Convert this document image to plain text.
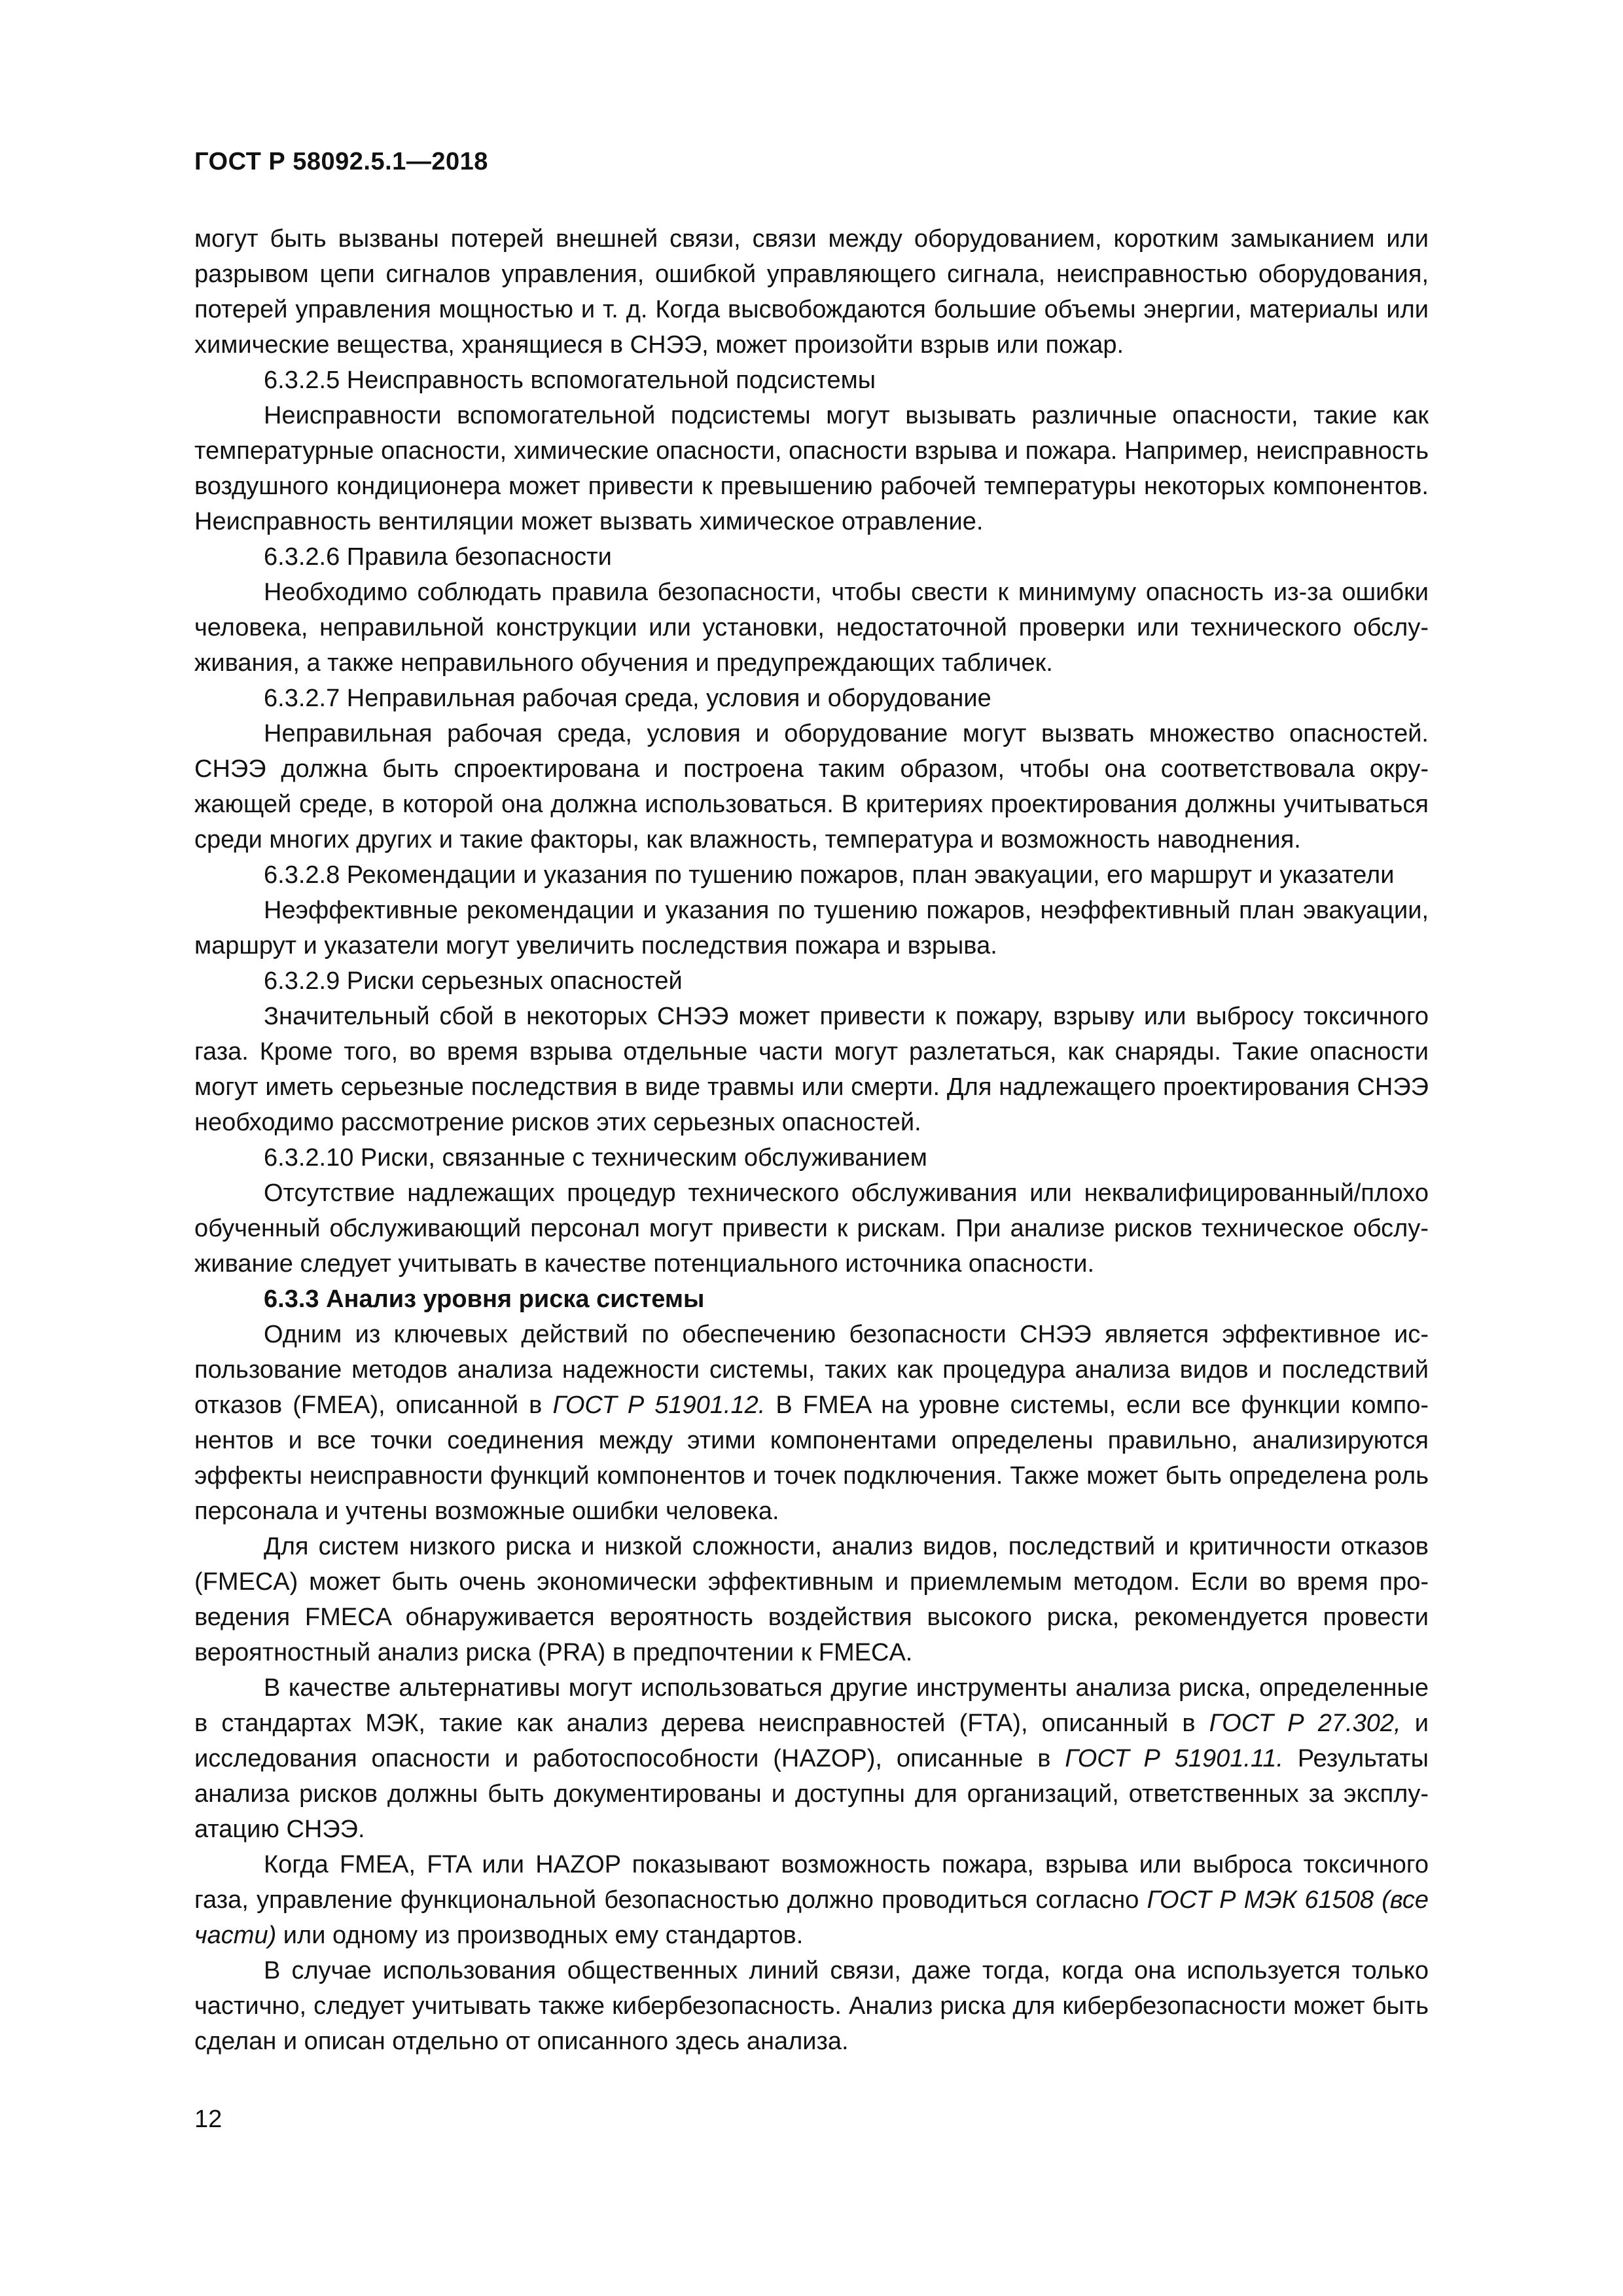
ГОСТ Р 58092.5.1—2018

могут быть вызваны потерей внешней связи, связи между оборудованием, коротким замыканием или разрывом цепи сигналов управления, ошибкой управляющего сигнала, неисправностью оборудования, потерей управления мощностью и т. д. Когда высвобождаются большие объемы энергии, материалы или химические вещества, хранящиеся в СНЭЭ, может произойти взрыв или пожар.

6.3.2.5 Неисправность вспомогательной подсистемы

Неисправности вспомогательной подсистемы могут вызывать различные опасности, такие как температурные опасности, химические опасности, опасности взрыва и пожара. Например, неисправность воздушного кондиционера может привести к превышению рабочей температуры некоторых компонентов. Неисправность вентиляции может вызвать химическое отравление.

6.3.2.6 Правила безопасности

Необходимо соблюдать правила безопасности, чтобы свести к минимуму опасность из-за ошибки человека, неправильной конструкции или установки, недостаточной проверки или технического обслуживания, а также неправильного обучения и предупреждающих табличек.

6.3.2.7 Неправильная рабочая среда, условия и оборудование

Неправильная рабочая среда, условия и оборудование могут вызвать множество опасностей. СНЭЭ должна быть спроектирована и построена таким образом, чтобы она соответствовала окружающей среде, в которой она должна использоваться. В критериях проектирования должны учитываться среди многих других и такие факторы, как влажность, температура и возможность наводнения.

6.3.2.8 Рекомендации и указания по тушению пожаров, план эвакуации, его маршрут и указатели

Неэффективные рекомендации и указания по тушению пожаров, неэффективный план эвакуации, маршрут и указатели могут увеличить последствия пожара и взрыва.

6.3.2.9 Риски серьезных опасностей

Значительный сбой в некоторых СНЭЭ может привести к пожару, взрыву или выбросу токсичного газа. Кроме того, во время взрыва отдельные части могут разлетаться, как снаряды. Такие опасности могут иметь серьезные последствия в виде травмы или смерти. Для надлежащего проектирования СНЭЭ необходимо рассмотрение рисков этих серьезных опасностей.

6.3.2.10 Риски, связанные с техническим обслуживанием

Отсутствие надлежащих процедур технического обслуживания или неквалифицированный/плохо обученный обслуживающий персонал могут привести к рискам. При анализе рисков техническое обслуживание следует учитывать в качестве потенциального источника опасности.

6.3.3 Анализ уровня риска системы

Одним из ключевых действий по обеспечению безопасности СНЭЭ является эффективное использование методов анализа надежности системы, таких как процедура анализа видов и последствий отказов (FMEA), описанной в ГОСТ Р 51901.12. В FMEA на уровне системы, если все функции компонентов и все точки соединения между этими компонентами определены правильно, анализируются эффекты неисправности функций компонентов и точек подключения. Также может быть определена роль персонала и учтены возможные ошибки человека.

Для систем низкого риска и низкой сложности, анализ видов, последствий и критичности отказов (FMECA) может быть очень экономически эффективным и приемлемым методом. Если во время проведения FMECA обнаруживается вероятность воздействия высокого риска, рекомендуется провести вероятностный анализ риска (PRA) в предпочтении к FMECA.

В качестве альтернативы могут использоваться другие инструменты анализа риска, определенные в стандартах МЭК, такие как анализ дерева неисправностей (FTA), описанный в ГОСТ Р 27.302, и исследования опасности и работоспособности (HAZOP), описанные в ГОСТ Р 51901.11. Результаты анализа рисков должны быть документированы и доступны для организаций, ответственных за эксплуатацию СНЭЭ.

Когда FMEA, FTA или HAZOP показывают возможность пожара, взрыва или выброса токсичного газа, управление функциональной безопасностью должно проводиться согласно ГОСТ Р МЭК 61508 (все части) или одному из производных ему стандартов.

В случае использования общественных линий связи, даже тогда, когда она используется только частично, следует учитывать также кибербезопасность. Анализ риска для кибербезопасности может быть сделан и описан отдельно от описанного здесь анализа.

12
